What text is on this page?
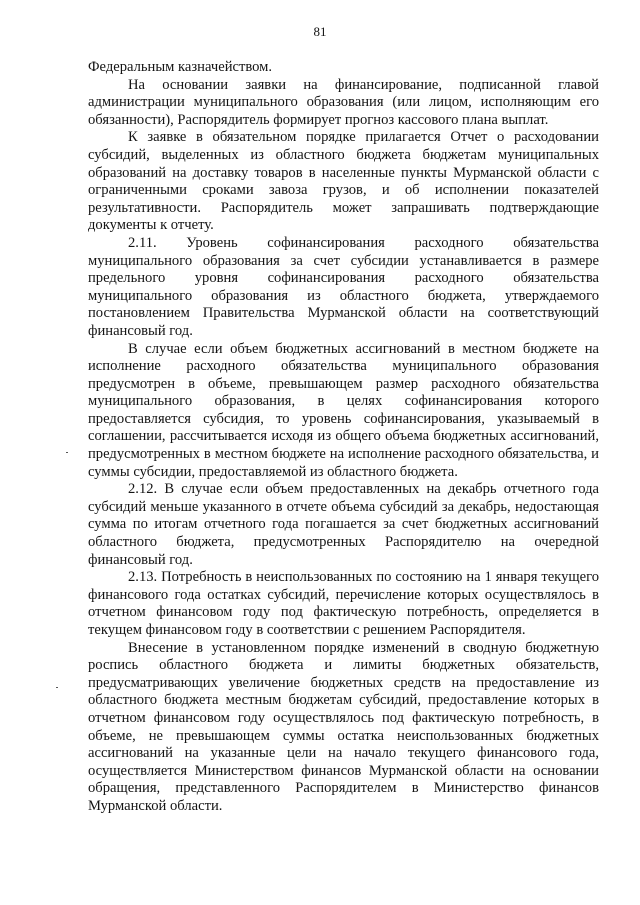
81

Федеральным казначейством.

На основании заявки на финансирование, подписанной главой администрации муниципального образования (или лицом, исполняющим его обязанности), Распорядитель формирует прогноз кассового плана выплат.

К заявке в обязательном порядке прилагается Отчет о расходовании субсидий, выделенных из областного бюджета бюджетам муниципальных образований на доставку товаров в населенные пункты Мурманской области с ограниченными сроками завоза грузов, и об исполнении показателей результативности. Распорядитель может запрашивать подтверждающие документы к отчету.

2.11. Уровень софинансирования расходного обязательства муниципального образования за счет субсидии устанавливается в размере предельного уровня софинансирования расходного обязательства муниципального образования из областного бюджета, утверждаемого постановлением Правительства Мурманской области на соответствующий финансовый год.

В случае если объем бюджетных ассигнований в местном бюджете на исполнение расходного обязательства муниципального образования предусмотрен в объеме, превышающем размер расходного обязательства муниципального образования, в целях софинансирования которого предоставляется субсидия, то уровень софинансирования, указываемый в соглашении, рассчитывается исходя из общего объема бюджетных ассигнований, предусмотренных в местном бюджете на исполнение расходного обязательства, и суммы субсидии, предоставляемой из областного бюджета.

2.12. В случае если объем предоставленных на декабрь отчетного года субсидий меньше указанного в отчете объема субсидий за декабрь, недостающая сумма по итогам отчетного года погашается за счет бюджетных ассигнований областного бюджета, предусмотренных Распорядителю на очередной финансовый год.

2.13. Потребность в неиспользованных по состоянию на 1 января текущего финансового года остатках субсидий, перечисление которых осуществлялось в отчетном финансовом году под фактическую потребность, определяется в текущем финансовом году в соответствии с решением Распорядителя.

Внесение в установленном порядке изменений в сводную бюджетную роспись областного бюджета и лимиты бюджетных обязательств, предусматривающих увеличение бюджетных средств на предоставление из областного бюджета местным бюджетам субсидий, предоставление которых в отчетном финансовом году осуществлялось под фактическую потребность, в объеме, не превышающем суммы остатка неиспользованных бюджетных ассигнований на указанные цели на начало текущего финансового года, осуществляется Министерством финансов Мурманской области на основании обращения, представленного Распорядителем в Министерство финансов Мурманской области.
